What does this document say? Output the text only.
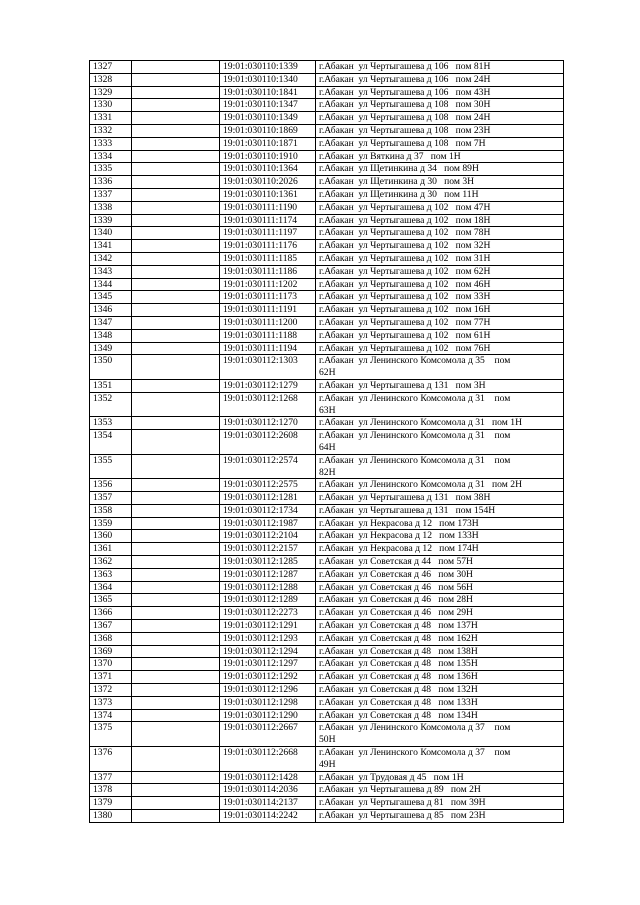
1327		19:01:030110:1339	г.Абакан  ул Чертыгашева д 106   пом 81Н
1328		19:01:030110:1340	г.Абакан  ул Чертыгашева д 106   пом 24Н
1329		19:01:030110:1841	г.Абакан  ул Чертыгашева д 106   пом 43Н
1330		19:01:030110:1347	г.Абакан  ул Чертыгашева д 108   пом 30Н
1331		19:01:030110:1349	г.Абакан  ул Чертыгашева д 108   пом 24Н
1332		19:01:030110:1869	г.Абакан  ул Чертыгашева д 108   пом 23Н
1333		19:01:030110:1871	г.Абакан  ул Чертыгашева д 108   пом 7Н
1334		19:01:030110:1910	г.Абакан  ул Вяткина д 37   пом 1Н
1335		19:01:030110:1364	г.Абакан  ул Щетинкина д 34   пом 89Н
1336		19:01:030110:2026	г.Абакан  ул Щетинкина д 30   пом 3Н
1337		19:01:030110:1361	г.Абакан  ул Щетинкина д 30   пом 11Н
1338		19:01:030111:1190	г.Абакан  ул Чертыгашева д 102   пом 47Н
1339		19:01:030111:1174	г.Абакан  ул Чертыгашева д 102   пом 18Н
1340		19:01:030111:1197	г.Абакан  ул Чертыгашева д 102   пом 78Н
1341		19:01:030111:1176	г.Абакан  ул Чертыгашева д 102   пом 32Н
1342		19:01:030111:1185	г.Абакан  ул Чертыгашева д 102   пом 31Н
1343		19:01:030111:1186	г.Абакан  ул Чертыгашева д 102   пом 62Н
1344		19:01:030111:1202	г.Абакан  ул Чертыгашева д 102   пом 46Н
1345		19:01:030111:1173	г.Абакан  ул Чертыгашева д 102   пом 33Н
1346		19:01:030111:1191	г.Абакан  ул Чертыгашева д 102   пом 16Н
1347		19:01:030111:1200	г.Абакан  ул Чертыгашева д 102   пом 77Н
1348		19:01:030111:1188	г.Абакан  ул Чертыгашева д 102   пом 61Н
1349		19:01:030111:1194	г.Абакан  ул Чертыгашева д 102   пом 76Н
1350		19:01:030112:1303	г.Абакан  ул Ленинского Комсомола д 35    пом
62Н
1351		19:01:030112:1279	г.Абакан  ул Чертыгашева д 131   пом 3Н
1352		19:01:030112:1268	г.Абакан  ул Ленинского Комсомола д 31    пом
63Н
1353		19:01:030112:1270	г.Абакан  ул Ленинского Комсомола д 31   пом 1Н
1354		19:01:030112:2608	г.Абакан  ул Ленинского Комсомола д 31    пом
64Н
1355		19:01:030112:2574	г.Абакан  ул Ленинского Комсомола д 31    пом
82Н
1356		19:01:030112:2575	г.Абакан  ул Ленинского Комсомола д 31   пом 2Н
1357		19:01:030112:1281	г.Абакан  ул Чертыгашева д 131   пом 38Н
1358		19:01:030112:1734	г.Абакан  ул Чертыгашева д 131   пом 154Н
1359		19:01:030112:1987	г.Абакан  ул Некрасова д 12   пом 173Н
1360		19:01:030112:2104	г.Абакан  ул Некрасова д 12   пом 133Н
1361		19:01:030112:2157	г.Абакан  ул Некрасова д 12   пом 174Н
1362		19:01:030112:1285	г.Абакан  ул Советская д 44   пом 57Н
1363		19:01:030112:1287	г.Абакан  ул Советская д 46   пом 30Н
1364		19:01:030112:1288	г.Абакан  ул Советская д 46   пом 56Н
1365		19:01:030112:1289	г.Абакан  ул Советская д 46   пом 28Н
1366		19:01:030112:2273	г.Абакан  ул Советская д 46   пом 29Н
1367		19:01:030112:1291	г.Абакан  ул Советская д 48   пом 137Н
1368		19:01:030112:1293	г.Абакан  ул Советская д 48   пом 162Н
1369		19:01:030112:1294	г.Абакан  ул Советская д 48   пом 138Н
1370		19:01:030112:1297	г.Абакан  ул Советская д 48   пом 135Н
1371		19:01:030112:1292	г.Абакан  ул Советская д 48   пом 136Н
1372		19:01:030112:1296	г.Абакан  ул Советская д 48   пом 132Н
1373		19:01:030112:1298	г.Абакан  ул Советская д 48   пом 133Н
1374		19:01:030112:1290	г.Абакан  ул Советская д 48   пом 134Н
1375		19:01:030112:2667	г.Абакан  ул Ленинского Комсомола д 37    пом
50Н
1376		19:01:030112:2668	г.Абакан  ул Ленинского Комсомола д 37    пом
49Н
1377		19:01:030112:1428	г.Абакан  ул Трудовая д 45   пом 1Н
1378		19:01:030114:2036	г.Абакан  ул Чертыгашева д 89   пом 2Н
1379		19:01:030114:2137	г.Абакан  ул Чертыгашева д 81   пом 39Н
1380		19:01:030114:2242	г.Абакан  ул Чертыгашева д 85   пом 23Н
